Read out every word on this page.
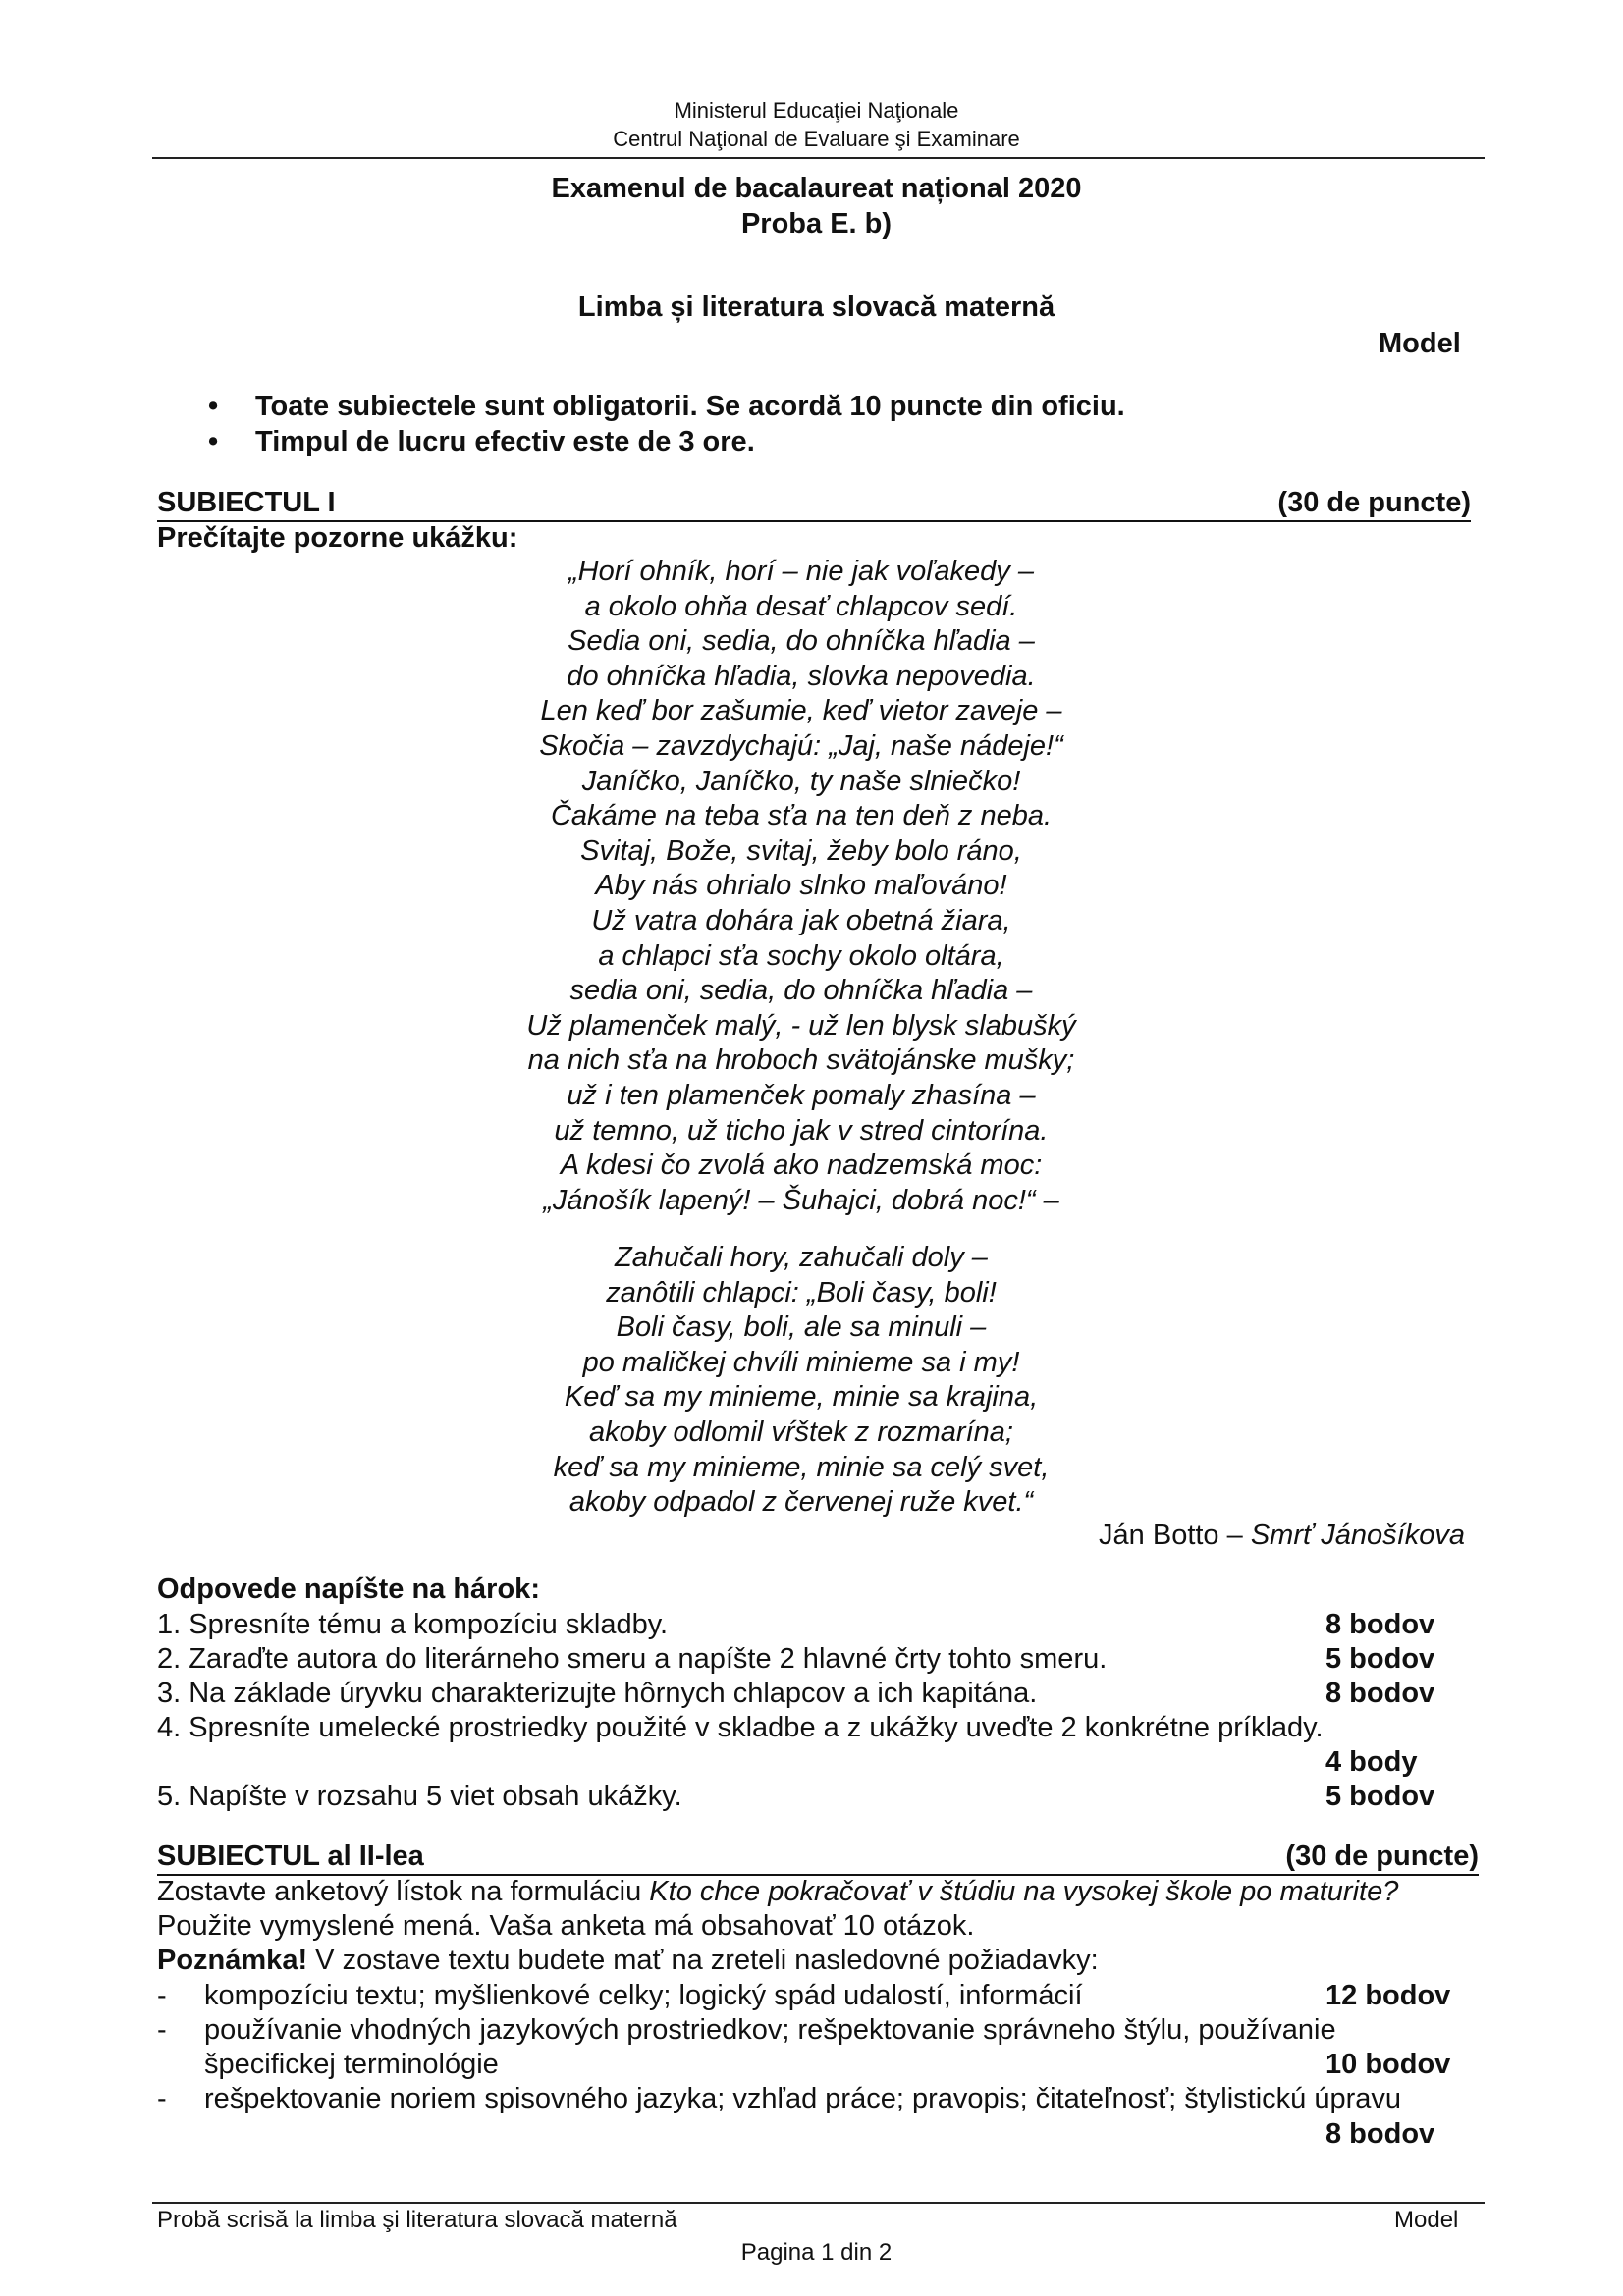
Ministerul Educaţiei Naţionale
Centrul Naţional de Evaluare şi Examinare
Examenul de bacalaureat național 2020
Proba E. b)
Limba și literatura slovacă maternă
Model
• Toate subiectele sunt obligatorii. Se acordă 10 puncte din oficiu.
• Timpul de lucru efectiv este de 3 ore.
SUBIECTUL I	(30 de puncte)
Prečítajte pozorne ukážku:
„Horí ohník, horí – nie jak voľakedy –
a okolo ohňa desať chlapcov sedí.
Sedia oni, sedia, do ohníčka hľadia –
do ohníčka hľadia, slovka nepovedia.
Len keď bor zašumie, keď vietor zaveje –
Skočia – zavzdychajú: „Jaj, naše nádeje!“
Janíčko, Janíčko, ty naše slniečko!
Čakáme na teba sťa na ten deň z neba.
Svitaj, Bože, svitaj, žeby bolo ráno,
Aby nás ohrialo slnko maľováno!
Už vatra dohára jak obetná žiara,
a chlapci sťa sochy okolo oltára,
sedia oni, sedia, do ohníčka hľadia –
Už plamenček malý, - už len blysk slabušký
na nich sťa na hroboch svätojánske mušky;
už i ten plamenček pomaly zhasína –
už temno, už ticho jak v stred cintorína.
A kdesi čo zvolá ako nadzemská moc:
„Jánošík lapený! – Šuhajci, dobrá noc!“ –
Zahučali hory, zahučali doly –
zanôtili chlapci: „Boli časy, boli!
Boli časy, boli, ale sa minuli –
po maličkej chvíli minieme sa i my!
Keď sa my minieme, minie sa krajina,
akoby odlomil vŕštek z rozmarína;
keď sa my minieme, minie sa celý svet,
akoby odpadol z červenej ruže kvet.“
Ján Botto – Smrť Jánošíkova
Odpovede napíšte na hárok:
1. Spresníte tému a kompozíciu skladby.	8 bodov
2. Zaraďte autora do literárneho smeru a napíšte 2 hlavné črty tohto smeru.	5 bodov
3. Na základe úryvku charakterizujte hôrnych chlapcov a ich kapitána.	8 bodov
4. Spresníte umelecké prostriedky použité v skladbe a z ukážky uveďte 2 konkrétne príklady.
4 body
5. Napíšte v rozsahu 5 viet obsah ukážky.	5 bodov
SUBIECTUL al II-lea	(30 de puncte)
Zostavte anketový lístok na formuláciu Kto chce pokračovať v štúdiu na vysokej škole po maturite?
Použite vymyslené mená. Vaša anketa má obsahovať 10 otázok.
Poznámka! V zostave textu budete mať na zreteli nasledovné požiadavky:
- kompozíciu textu; myšlienkové celky; logický spád udalostí, informácií	12 bodov
- používanie vhodných jazykových prostriedkov; rešpektovanie správneho štýlu, používanie
špecifickej terminológie	10 bodov
- rešpektovanie noriem spisovného jazyka; vzhľad práce; pravopis; čitateľnosť; štylistickú úpravu
8 bodov
Probă scrisă la limba şi literatura slovacă maternă	Model
Pagina 1 din 2
